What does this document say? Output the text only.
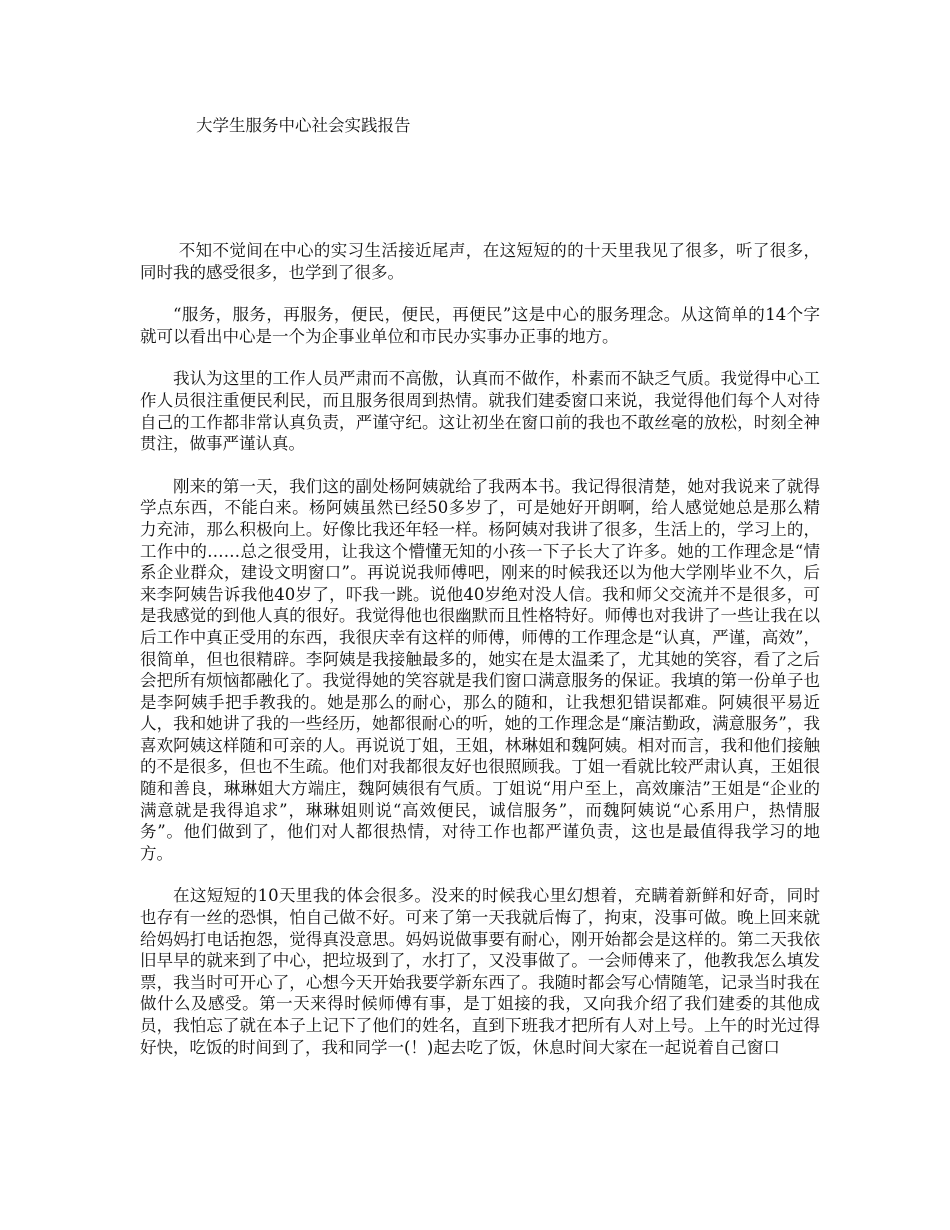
大学生服务中心社会实践报告

不知不觉间在中心的实习生活接近尾声，在这短短的的十天里我见了很多，听了很多，同时我的感受很多，也学到了很多。

“服务，服务，再服务，便民，便民，再便民”这是中心的服务理念。从这简单的14个字就可以看出中心是一个为企事业单位和市民办实事办正事的地方。

我认为这里的工作人员严肃而不高傲，认真而不做作，朴素而不缺乏气质。我觉得中心工作人员很注重便民利民，而且服务很周到热情。就我们建委窗口来说，我觉得他们每个人对待自己的工作都非常认真负责，严谨守纪。这让初坐在窗口前的我也不敢丝毫的放松，时刻全神贯注，做事严谨认真。

刚来的第一天，我们这的副处杨阿姨就给了我两本书。我记得很清楚，她对我说来了就得学点东西，不能白来。杨阿姨虽然已经50多岁了，可是她好开朗啊，给人感觉她总是那么精力充沛，那么积极向上。好像比我还年轻一样。杨阿姨对我讲了很多，生活上的，学习上的，工作中的……总之很受用，让我这个懵懂无知的小孩一下子长大了许多。她的工作理念是“情系企业群众，建设文明窗口”。再说说我师傅吧，刚来的时候我还以为他大学刚毕业不久，后来李阿姨告诉我他40岁了，吓我一跳。说他40岁绝对没人信。我和师父交流并不是很多，可是我感觉的到他人真的很好。我觉得他也很幽默而且性格特好。师傅也对我讲了一些让我在以后工作中真正受用的东西，我很庆幸有这样的师傅，师傅的工作理念是“认真，严谨，高效”，很简单，但也很精辟。李阿姨是我接触最多的，她实在是太温柔了，尤其她的笑容，看了之后会把所有烦恼都融化了。我觉得她的笑容就是我们窗口满意服务的保证。我填的第一份单子也是李阿姨手把手教我的。她是那么的耐心，那么的随和，让我想犯错误都难。阿姨很平易近人，我和她讲了我的一些经历，她都很耐心的听，她的工作理念是“廉洁勤政，满意服务”，我喜欢阿姨这样随和可亲的人。再说说丁姐，王姐，林琳姐和魏阿姨。相对而言，我和他们接触的不是很多，但也不生疏。他们对我都很友好也很照顾我。丁姐一看就比较严肃认真，王姐很随和善良，琳琳姐大方端庄，魏阿姨很有气质。丁姐说“用户至上，高效廉洁”王姐是“企业的满意就是我得追求”，琳琳姐则说“高效便民，诚信服务”，而魏阿姨说“心系用户，热情服务”。他们做到了，他们对人都很热情，对待工作也都严谨负责，这也是最值得我学习的地方。

在这短短的10天里我的体会很多。没来的时候我心里幻想着，充瞒着新鲜和好奇，同时也存有一丝的恐惧，怕自己做不好。可来了第一天我就后悔了，拘束，没事可做。晚上回来就给妈妈打电话抱怨，觉得真没意思。妈妈说做事要有耐心，刚开始都会是这样的。第二天我依旧早早的就来到了中心，把垃圾到了，水打了，又没事做了。一会师傅来了，他教我怎么填发票，我当时可开心了，心想今天开始我要学新东西了。我随时都会写心情随笔，记录当时我在做什么及感受。第一天来得时候师傅有事，是丁姐接的我，又向我介绍了我们建委的其他成员，我怕忘了就在本子上记下了他们的姓名，直到下班我才把所有人对上号。上午的时光过得好快，吃饭的时间到了，我和同学一(！)起去吃了饭，休息时间大家在一起说着自己窗口
